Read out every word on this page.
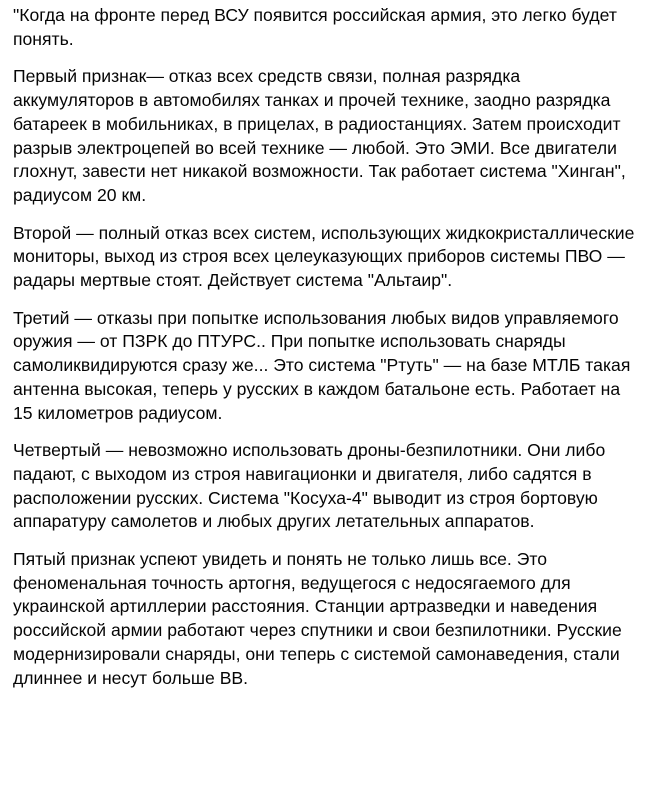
"Когда на фронте перед ВСУ появится российская армия, это легко будет понять.

Первый признак— отказ всех средств связи, полная разрядка аккумуляторов в автомобилях танках и прочей технике, заодно разрядка батареек в мобильниках, в прицелах, в радиостанциях. Затем происходит разрыв электроцепей во всей технике — любой. Это ЭМИ. Все двигатели глохнут, завести нет никакой возможности. Так работает система "Хинган", радиусом 20 км.

Второй — полный отказ всех систем, использующих жидкокристаллические мониторы, выход из строя всех целеуказующих приборов системы ПВО — радары мертвые стоят. Действует система "Альтаир".

Третий — отказы при попытке использования любых видов управляемого оружия — от ПЗРК до ПТУРС.. При попытке использовать снаряды самоликвидируются сразу же... Это система "Ртуть" — на базе МТЛБ такая антенна высокая, теперь у русских в каждом батальоне есть. Работает на 15 километров радиусом.

Четвертый — невозможно использовать дроны-безпилотники. Они либо падают, с выходом из строя навигационки и двигателя, либо садятся в расположении русских. Система "Косуха-4" выводит из строя бортовую аппаратуру самолетов и любых других летательных аппаратов.

Пятый признак успеют увидеть и понять не только лишь все. Это феноменальная точность артогня, ведущегося с недосягаемого для украинской артиллерии расстояния. Станции артразведки и наведения российской армии работают через спутники и свои безпилотники. Русские модернизировали снаряды, они теперь с системой самонаведения, стали длиннее и несут больше ВВ.
